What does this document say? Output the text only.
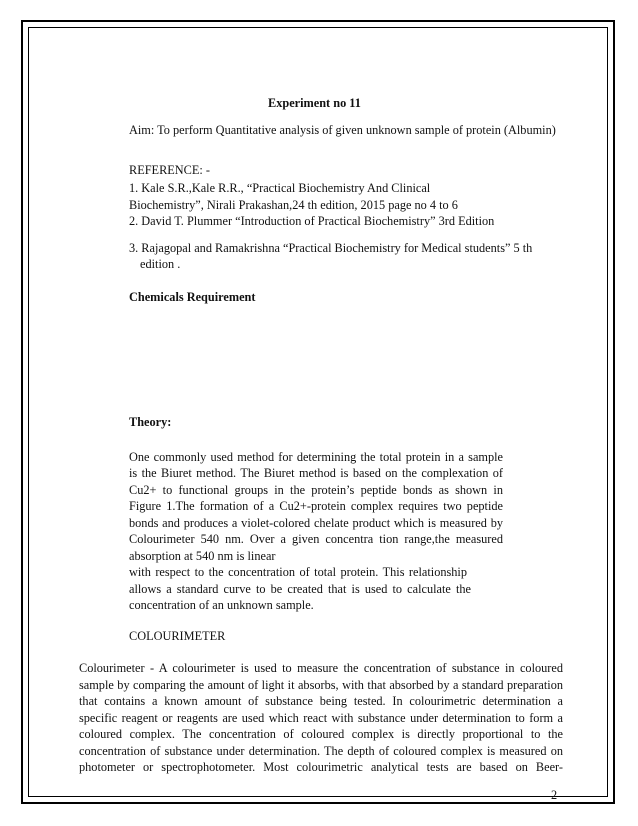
Experiment no 11
Aim: To perform Quantitative analysis of given unknown sample of protein (Albumin)
REFERENCE: -
1. Kale S.R.,Kale R.R., “Practical Biochemistry And Clinical
Biochemistry”, Nirali Prakashan,24 th edition, 2015 page no 4 to 6
2. David T. Plummer “Introduction of Practical Biochemistry” 3rd Edition
3. Rajagopal and Ramakrishna “Practical Biochemistry for Medical students” 5 th
edition .
Chemicals Requirement
Theory:
One commonly used method for determining the total protein in a sample
is the Biuret method. The Biuret method is based on the complexation of
Cu2+ to functional groups in the protein’s peptide bonds as shown in
Figure 1.The formation of a Cu2+-protein complex requires two peptide
bonds and produces a violet-colored chelate product which is measured by
Colourimeter 540 nm. Over a given concentra tion range,the measured
absorption at 540 nm is linear
with respect to the concentration of total protein. This relationship
allows a standard curve to be created that is used to calculate the
concentration of an unknown sample.
COLOURIMETER
Colourimeter - A colourimeter is used to measure the concentration of substance in coloured
sample by comparing the amount of light it absorbs, with that absorbed by a standard preparation
that contains a known amount of substance being tested. In colourimetric determination a
specific reagent or reagents are used which react with substance under determination to form a
coloured complex. The concentration of coloured complex is directly proportional to the
concentration of substance under determination. The depth of coloured complex is measured on
photometer or spectrophotometer. Most colourimetric analytical tests are based on Beer-
2
